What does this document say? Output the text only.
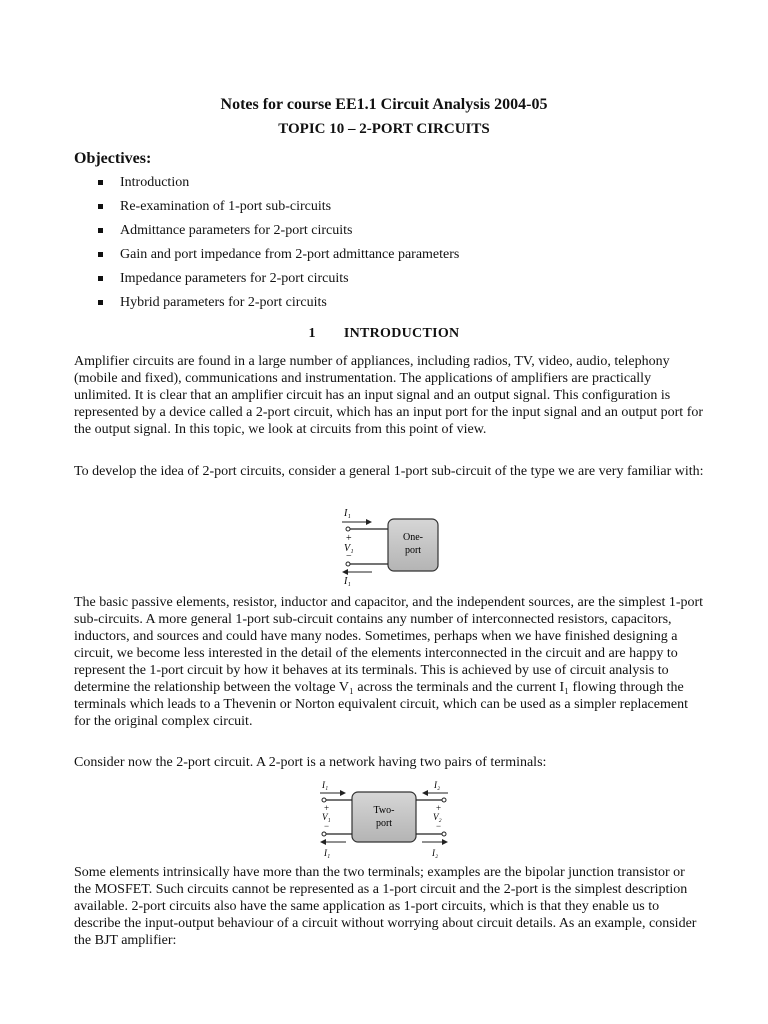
Notes for course EE1.1 Circuit Analysis 2004-05
TOPIC 10 – 2-PORT CIRCUITS
Objectives:
Introduction
Re-examination of 1-port sub-circuits
Admittance parameters for 2-port circuits
Gain and port impedance from 2-port admittance parameters
Impedance parameters for 2-port circuits
Hybrid parameters for 2-port circuits
1 INTRODUCTION

Amplifier circuits are found in a large number of appliances, including radios, TV, video, audio, telephony (mobile and fixed), communications and instrumentation. The applications of amplifiers are practically unlimited. It is clear that an amplifier circuit has an input signal and an output signal. This configuration is represented by a device called a 2-port circuit, which has an input port for the input signal and an output port for the output signal. In this topic, we look at circuits from this point of view.

To develop the idea of 2-port circuits, consider a general 1-port sub-circuit of the type we are very familiar with:

I₁
+
V₁
−
I₁
One-
port

The basic passive elements, resistor, inductor and capacitor, and the independent sources, are the simplest 1-port sub-circuits. A more general 1-port sub-circuit contains any number of interconnected resistors, capacitors, inductors, and sources and could have many nodes. Sometimes, perhaps when we have finished designing a circuit, we become less interested in the detail of the elements interconnected in the circuit and are happy to represent the 1-port circuit by how it behaves at its terminals. This is achieved by use of circuit analysis to determine the relationship between the voltage V₁ across the terminals and the current I₁ flowing through the terminals which leads to a Thevenin or Norton equivalent circuit, which can be used as a simpler replacement for the original complex circuit.

Consider now the 2-port circuit. A 2-port is a network having two pairs of terminals:

I₁	I₂
+
V₁
−
+
V₂
−
I₁	I₂
Two-
port

Some elements intrinsically have more than the two terminals; examples are the bipolar junction transistor or the MOSFET. Such circuits cannot be represented as a 1-port circuit and the 2-port is the simplest description available. 2-port circuits also have the same application as 1-port circuits, which is that they enable us to describe the input-output behaviour of a circuit without worrying about circuit details. As an example, consider the BJT amplifier:
